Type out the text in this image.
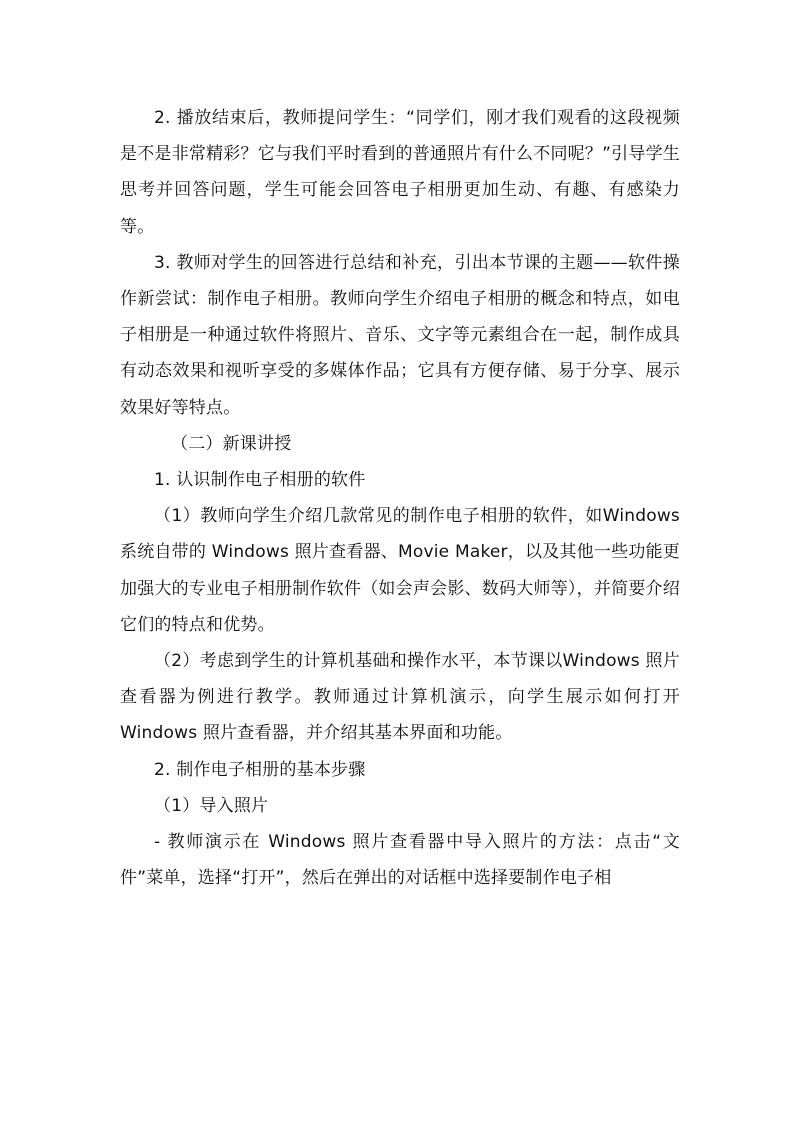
2. 播放结束后，教师提问学生：“同学们，刚才我们观看的这段视频是不是非常精彩？它与我们平时看到的普通照片有什么不同呢？”引导学生思考并回答问题，学生可能会回答电子相册更加生动、有趣、有感染力等。

3. 教师对学生的回答进行总结和补充，引出本节课的主题——软件操作新尝试：制作电子相册。教师向学生介绍电子相册的概念和特点，如电子相册是一种通过软件将照片、音乐、文字等元素组合在一起，制作成具有动态效果和视听享受的多媒体作品；它具有方便存储、易于分享、展示效果好等特点。

（二）新课讲授

1. 认识制作电子相册的软件

（1）教师向学生介绍几款常见的制作电子相册的软件，如Windows 系统自带的 Windows 照片查看器、Movie Maker，以及其他一些功能更加强大的专业电子相册制作软件（如会声会影、数码大师等），并简要介绍它们的特点和优势。

（2）考虑到学生的计算机基础和操作水平，本节课以Windows 照片查看器为例进行教学。教师通过计算机演示，向学生展示如何打开 Windows 照片查看器，并介绍其基本界面和功能。

2. 制作电子相册的基本步骤

（1）导入照片

- 教师演示在 Windows 照片查看器中导入照片的方法：点击“文件”菜单，选择“打开”，然后在弹出的对话框中选择要制作电子相
